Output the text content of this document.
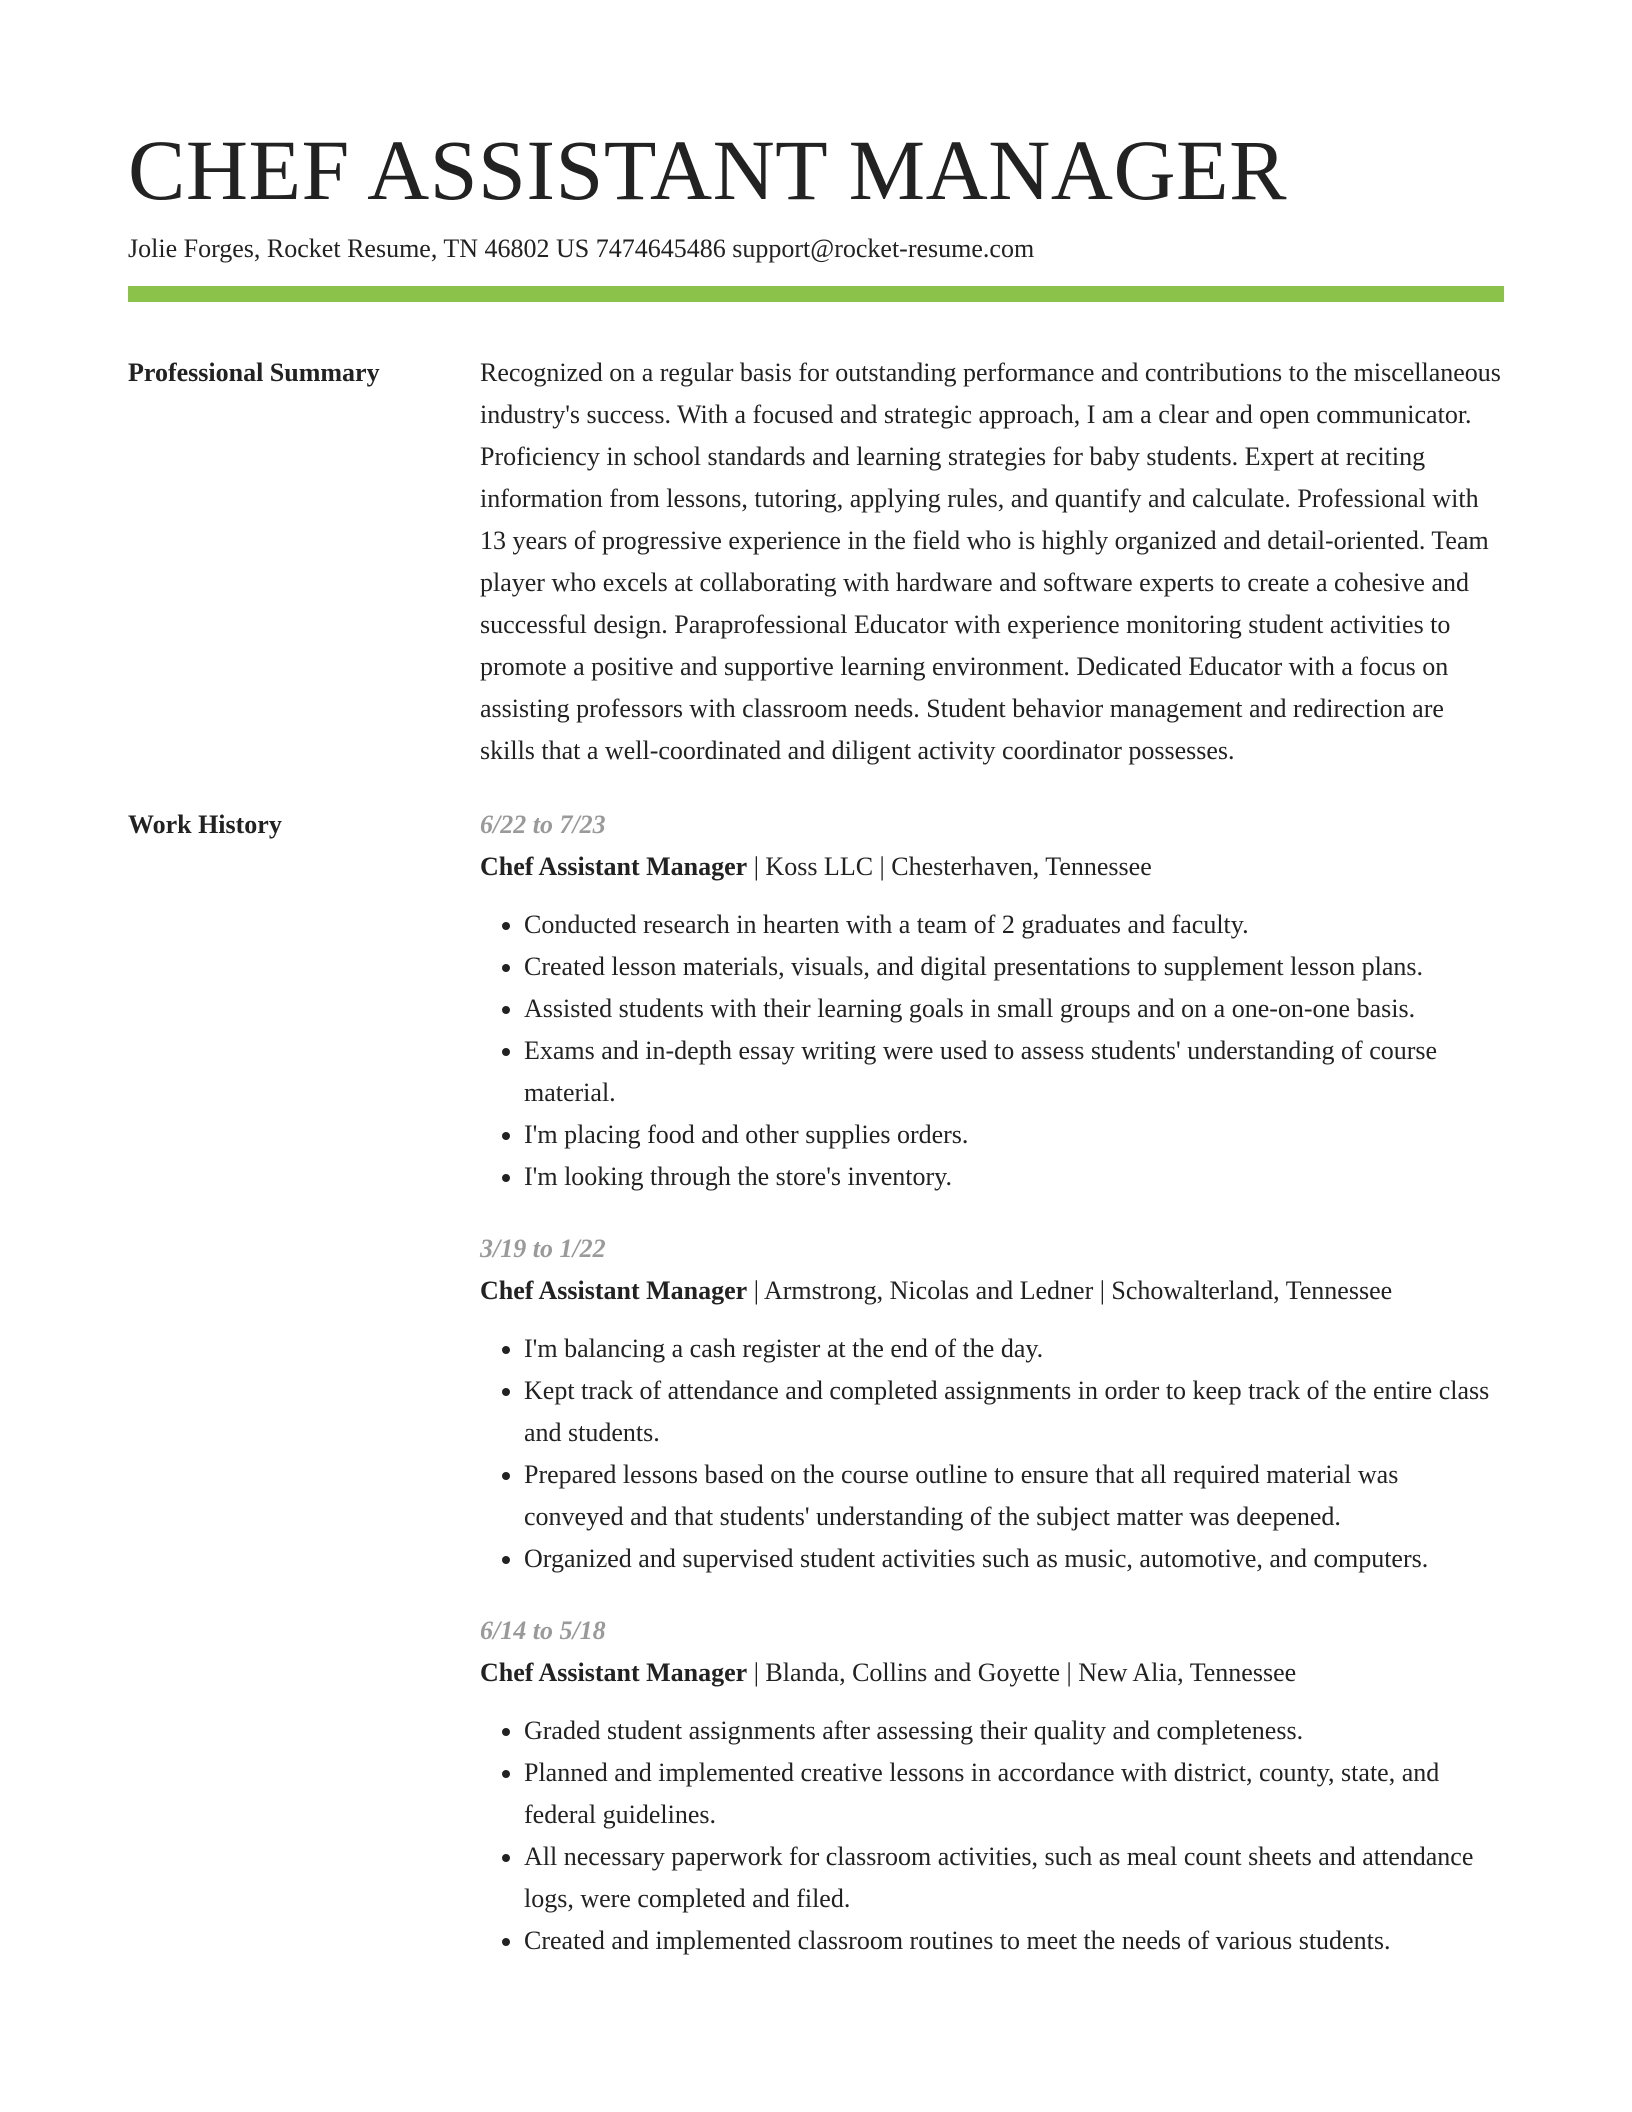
CHEF ASSISTANT MANAGER
Jolie Forges, Rocket Resume, TN 46802 US 7474645486 support@rocket-resume.com
Professional Summary	Recognized on a regular basis for outstanding performance and contributions to the miscellaneous industry's success. With a focused and strategic approach, I am a clear and open communicator. Proficiency in school standards and learning strategies for baby students. Expert at reciting information from lessons, tutoring, applying rules, and quantify and calculate. Professional with 13 years of progressive experience in the field who is highly organized and detail-oriented. Team player who excels at collaborating with hardware and software experts to create a cohesive and successful design. Paraprofessional Educator with experience monitoring student activities to promote a positive and supportive learning environment. Dedicated Educator with a focus on assisting professors with classroom needs. Student behavior management and redirection are skills that a well-coordinated and diligent activity coordinator possesses.

Work History	6/22 to 7/23
Chef Assistant Manager | Koss LLC | Chesterhaven, Tennessee
• Conducted research in hearten with a team of 2 graduates and faculty.
• Created lesson materials, visuals, and digital presentations to supplement lesson plans.
• Assisted students with their learning goals in small groups and on a one-on-one basis.
• Exams and in-depth essay writing were used to assess students' understanding of course material.
• I'm placing food and other supplies orders.
• I'm looking through the store's inventory.
3/19 to 1/22
Chef Assistant Manager | Armstrong, Nicolas and Ledner | Schowalterland, Tennessee
• I'm balancing a cash register at the end of the day.
• Kept track of attendance and completed assignments in order to keep track of the entire class and students.
• Prepared lessons based on the course outline to ensure that all required material was conveyed and that students' understanding of the subject matter was deepened.
• Organized and supervised student activities such as music, automotive, and computers.
6/14 to 5/18
Chef Assistant Manager | Blanda, Collins and Goyette | New Alia, Tennessee
• Graded student assignments after assessing their quality and completeness.
• Planned and implemented creative lessons in accordance with district, county, state, and federal guidelines.
• All necessary paperwork for classroom activities, such as meal count sheets and attendance logs, were completed and filed.
• Created and implemented classroom routines to meet the needs of various students.
